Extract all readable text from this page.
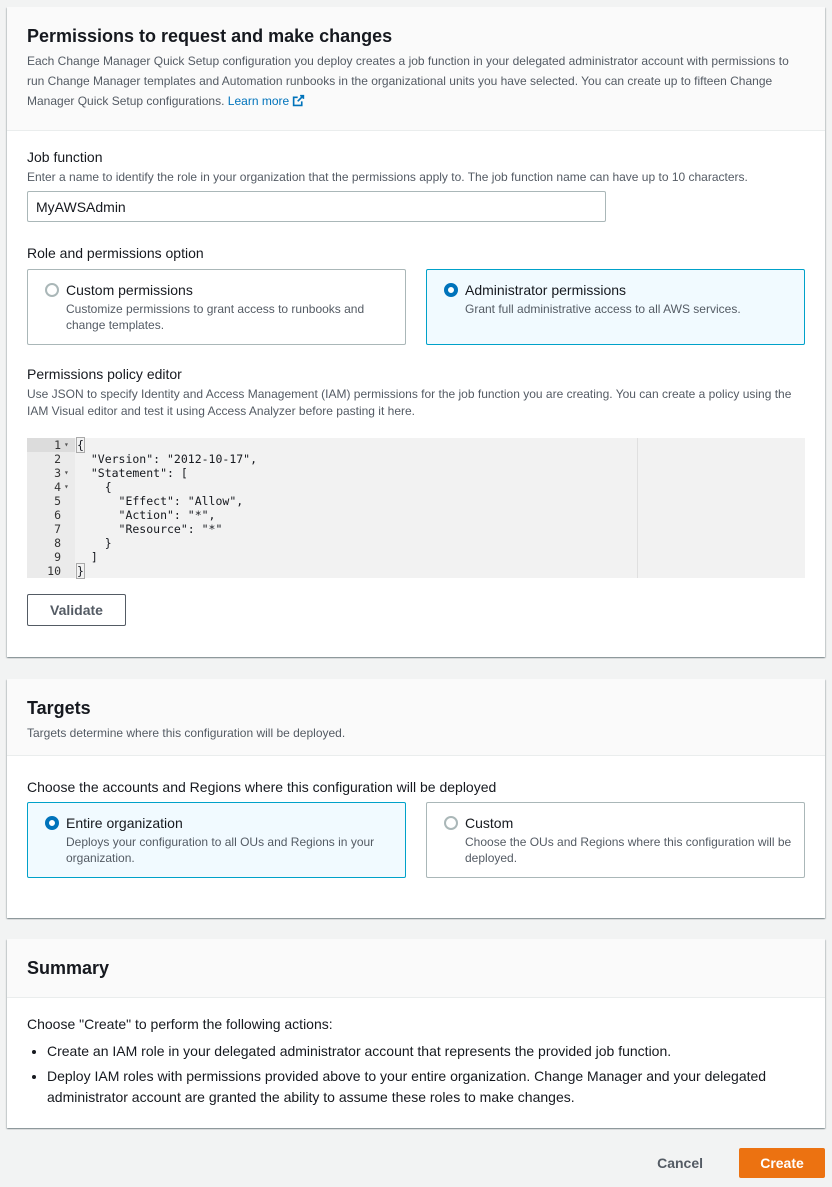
Permissions to request and make changes
Each Change Manager Quick Setup configuration you deploy creates a job function in your delegated administrator account with permissions to run Change Manager templates and Automation runbooks in the organizational units you have selected. You can create up to fifteen Change Manager Quick Setup configurations. Learn more
Job function
Enter a name to identify the role in your organization that the permissions apply to. The job function name can have up to 10 characters.
MyAWSAdmin
Role and permissions option
Custom permissions
Customize permissions to grant access to runbooks and change templates.
Administrator permissions
Grant full administrative access to all AWS services.
Permissions policy editor
Use JSON to specify Identity and Access Management (IAM) permissions for the job function you are creating. You can create a policy using the IAM Visual editor and test it using Access Analyzer before pasting it here.
1 ▾ {
2 "Version": "2012-10-17",
3 ▾ "Statement": [
4 ▾ {
5 "Effect": "Allow",
6 "Action": "*",
7 "Resource": "*"
8 }
9 ]
10 }
Validate
Targets
Targets determine where this configuration will be deployed.
Choose the accounts and Regions where this configuration will be deployed
Entire organization
Deploys your configuration to all OUs and Regions in your organization.
Custom
Choose the OUs and Regions where this configuration will be deployed.
Summary
Choose "Create" to perform the following actions:
• Create an IAM role in your delegated administrator account that represents the provided job function.
• Deploy IAM roles with permissions provided above to your entire organization. Change Manager and your delegated administrator account are granted the ability to assume these roles to make changes.
Cancel	Create
